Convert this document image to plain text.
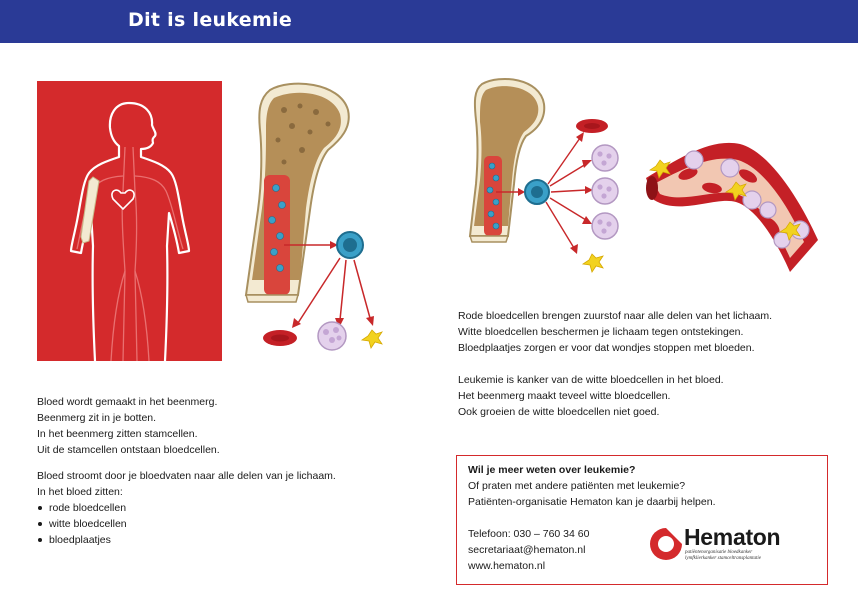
Dit is leukemie

Bloed wordt gemaakt in het beenmerg.

Beenmerg zit in je botten.

In het beenmerg zitten stamcellen.

Uit de stamcellen ontstaan bloedcellen.

Bloed stroomt door je bloedvaten naar alle delen van je lichaam.

In het bloed zitten:

rode bloedcellen
witte bloedcellen
bloedplaatjes

Rode bloedcellen brengen zuurstof naar alle delen van het lichaam.

Witte bloedcellen beschermen je lichaam tegen ontstekingen.

Bloedplaatjes zorgen er voor dat wondjes stoppen met bloeden.

Leukemie is kanker van de witte bloedcellen in het bloed.

Het beenmerg maakt teveel witte bloedcellen.

Ook groeien de witte bloedcellen niet goed.

Wil je meer weten over leukemie?

Of praten met andere patiënten met leukemie?

Patiënten-organisatie Hematon kan je daarbij helpen.

Telefoon: 030 – 760 34 60

secretariaat@hematon.nl

www.hematon.nl

Hematon
patiëntenorganisatie bloedkanker
lymfklierkanker stamceltransplantatie
